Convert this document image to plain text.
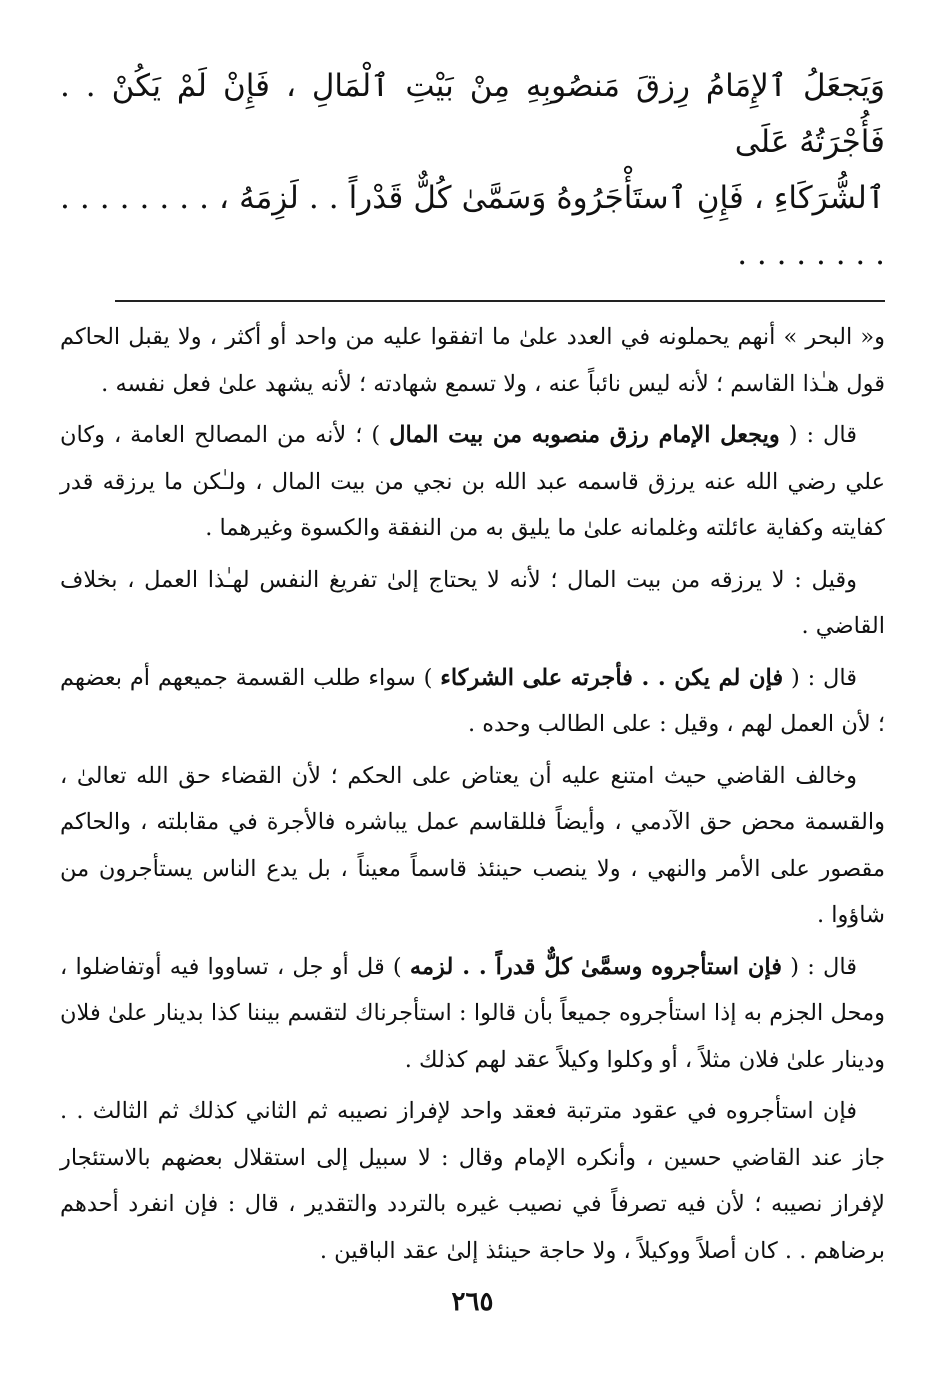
وَيَجعَلُ ٱلإِمَامُ رِزقَ مَنصُوبِهِ مِنْ بَيْتِ ٱلْمَالِ ، فَإِنْ لَمْ يَكُنْ . . فَأُجْرَتُهُ عَلَى
ٱلشُّرَكَاءِ ، فَإِنِ ٱستَأْجَرُوهُ وَسَمَّىٰ كُلٌّ قَدْراً . . لَزِمَهُ ، . . . . . . . . . . . . . . . .

و« البحر » أنهم يحملونه في العدد علىٰ ما اتفقوا عليه من واحد أو أكثر ، ولا يقبل الحاكم قول هـٰذا القاسم ؛ لأنه ليس نائباً عنه ، ولا تسمع شهادته ؛ لأنه يشهد علىٰ فعل نفسه .

قال : ( ويجعل الإمام رزق منصوبه من بيت المال ) ؛ لأنه من المصالح العامة ، وكان علي رضي الله عنه يرزق قاسمه عبد الله بن نجي من بيت المال ، ولـٰكن ما يرزقه قدر كفايته وكفاية عائلته وغلمانه علىٰ ما يليق به من النفقة والكسوة وغيرهما .

وقيل : لا يرزقه من بيت المال ؛ لأنه لا يحتاج إلىٰ تفريغ النفس لهـٰذا العمل ، بخلاف القاضي .

قال : ( فإن لم يكن . . فأجرته على الشركاء ) سواء طلب القسمة جميعهم أم بعضهم ؛ لأن العمل لهم ، وقيل : على الطالب وحده .

وخالف القاضي حيث امتنع عليه أن يعتاض على الحكم ؛ لأن القضاء حق الله تعالىٰ ، والقسمة محض حق الآدمي ، وأيضاً فللقاسم عمل يباشره فالأجرة في مقابلته ، والحاكم مقصور على الأمر والنهي ، ولا ينصب حينئذ قاسماً معيناً ، بل يدع الناس يستأجرون من شاؤوا .

قال : ( فإن استأجروه وسمَّىٰ كلٌّ قدراً . . لزمه ) قل أو جل ، تساووا فيه أوتفاضلوا ، ومحل الجزم به إذا استأجروه جميعاً بأن قالوا : استأجرناك لتقسم بيننا كذا بدينار علىٰ فلان ودينار علىٰ فلان مثلاً ، أو وكلوا وكيلاً عقد لهم كذلك .

فإن استأجروه في عقود مترتبة فعقد واحد لإفراز نصيبه ثم الثاني كذلك ثم الثالث . . جاز عند القاضي حسين ، وأنكره الإمام وقال : لا سبيل إلى استقلال بعضهم بالاستئجار لإفراز نصيبه ؛ لأن فيه تصرفاً في نصيب غيره بالتردد والتقدير ، قال : فإن انفرد أحدهم برضاهم . . كان أصلاً ووكيلاً ، ولا حاجة حينئذ إلىٰ عقد الباقين .

٢٦٥
